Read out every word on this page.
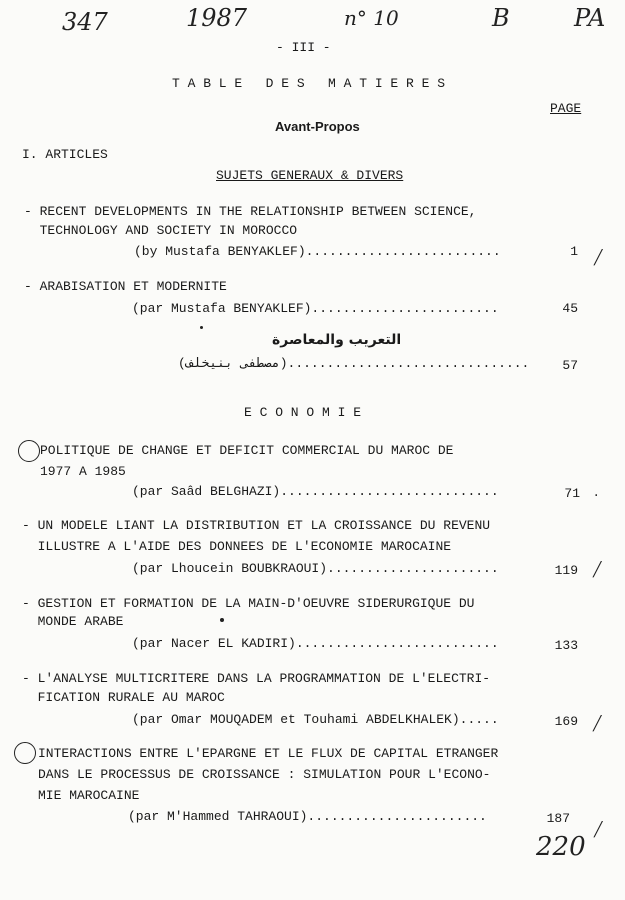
347	1987	n° 10	B	PA
- III -
T A B L E   D E S   M A T I E R E S
PAGE
Avant-Propos
I. ARTICLES
SUJETS GENERAUX & DIVERS
- RECENT DEVELOPMENTS IN THE RELATIONSHIP BETWEEN SCIENCE,
TECHNOLOGY AND SOCIETY IN MOROCCO
(by Mustafa BENYAKLEF).........................	1
- ARABISATION ET MODERNITE
(par Mustafa BENYAKLEF)........................	45
التعريب والمعاصرة
(مصطفى بنيخلف)...............................	57
E C O N O M I E
POLITIQUE DE CHANGE ET DEFICIT COMMERCIAL DU MAROC DE
1977 A 1985
(par Saâd BELGHAZI)............................	71
- UN MODELE LIANT LA DISTRIBUTION ET LA CROISSANCE DU REVENU
ILLUSTRE A L'AIDE DES DONNEES DE L'ECONOMIE MAROCAINE
(par Lhoucein BOUBKRAOUI)......................	119
- GESTION ET FORMATION DE LA MAIN-D'OEUVRE SIDERURGIQUE DU
MONDE ARABE
(par Nacer EL KADIRI)..........................	133
- L'ANALYSE MULTICRITERE DANS LA PROGRAMMATION DE L'ELECTRI-
FICATION RURALE AU MAROC
(par Omar MOUQADEM et Touhami ABDELKHALEK).....	169
INTERACTIONS ENTRE L'EPARGNE ET LE FLUX DE CAPITAL ETRANGER
DANS LE PROCESSUS DE CROISSANCE : SIMULATION POUR L'ECONO-
MIE MAROCAINE
(par M'Hammed TAHRAOUI).......................	187
220
╱
·
╱
╱
╱
